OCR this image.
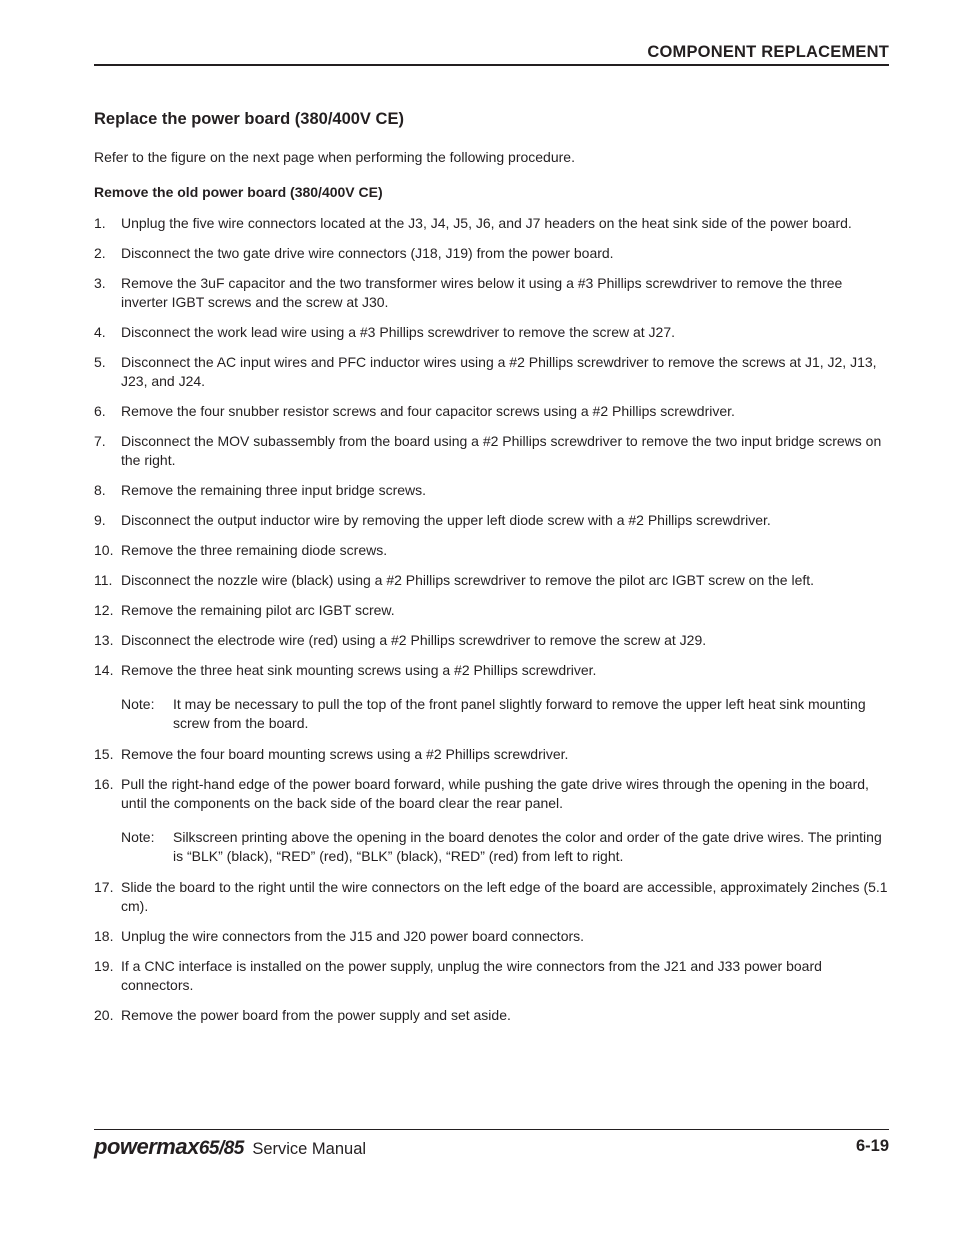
COMPONENT REPLACEMENT
Replace the power board (380/400V CE)

Refer to the figure on the next page when performing the following procedure.

Remove the old power board (380/400V CE)
1.	Unplug the five wire connectors located at the J3, J4, J5, J6, and J7 headers on the heat sink side of the power board.
2.	Disconnect the two gate drive wire connectors (J18, J19) from the power board.
3.	Remove the 3uF capacitor and the two transformer wires below it using a #3 Phillips screwdriver to remove the three inverter IGBT screws and the screw at J30.
4.	Disconnect the work lead wire using a #3 Phillips screwdriver to remove the screw at J27.
5.	Disconnect the AC input wires and PFC inductor wires using a #2 Phillips screwdriver to remove the screws at J1, J2, J13, J23, and J24.
6.	Remove the four snubber resistor screws and four capacitor screws using a #2 Phillips screwdriver.
7.	Disconnect the MOV subassembly from the board using a #2 Phillips screwdriver to remove the two input bridge screws on the right.
8.	Remove the remaining three input bridge screws.
9.	Disconnect the output inductor wire by removing the upper left diode screw with a #2 Phillips screwdriver.
10. Remove the three remaining diode screws.
11. Disconnect the nozzle wire (black) using a #2 Phillips screwdriver to remove the pilot arc IGBT screw on the left.
12. Remove the remaining pilot arc IGBT screw.
13. Disconnect the electrode wire (red) using a #2 Phillips screwdriver to remove the screw at J29.
14. Remove the three heat sink mounting screws using a #2 Phillips screwdriver.
Note:	It may be necessary to pull the top of the front panel slightly forward to remove the upper left heat sink mounting screw from the board.
15. Remove the four board mounting screws using a #2 Phillips screwdriver.
16. Pull the right-hand edge of the power board forward, while pushing the gate drive wires through the opening in the board, until the components on the back side of the board clear the rear panel.
Note:	Silkscreen printing above the opening in the board denotes the color and order of the gate drive wires. The printing is “BLK” (black), “RED” (red), “BLK” (black), “RED” (red) from left to right.
17. Slide the board to the right until the wire connectors on the left edge of the board are accessible, approximately 2inches (5.1 cm).
18. Unplug the wire connectors from the J15 and J20 power board connectors.
19. If a CNC interface is installed on the power supply, unplug the wire connectors from the J21 and J33 power board connectors.
20. Remove the power board from the power supply and set aside.
powermax65/85 Service Manual	6-19
